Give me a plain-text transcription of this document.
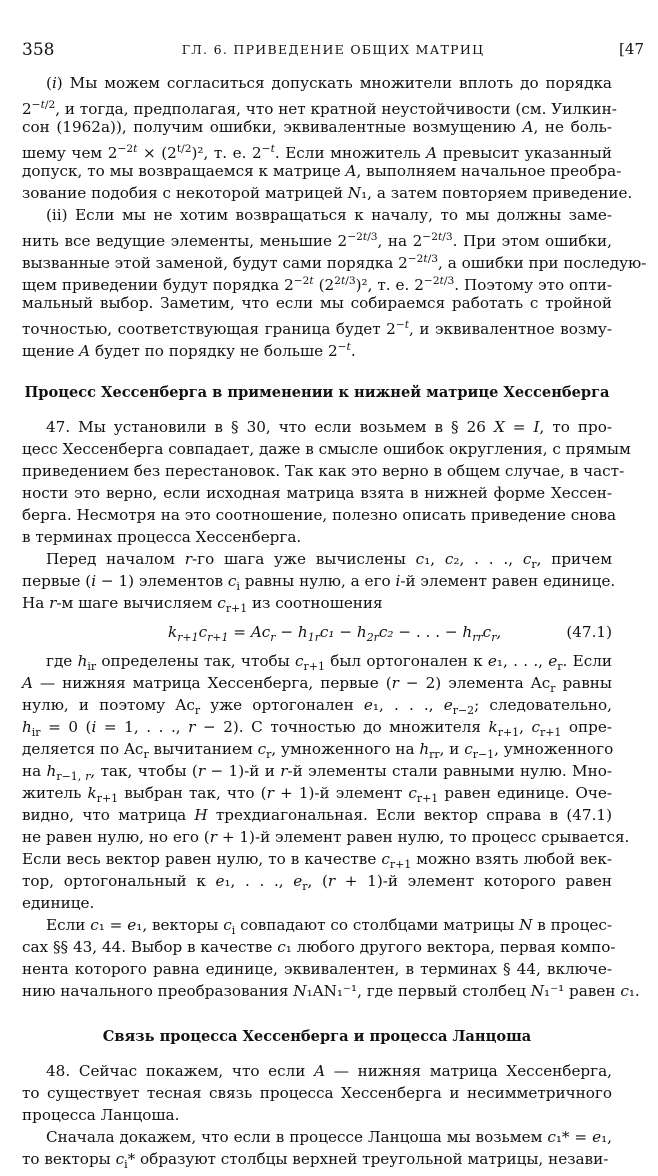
358	ГЛ. 6. ПРИВЕДЕНИЕ ОБЩИХ МАТРИЦ	[47
(i) Мы можем согласиться допускать множители вплоть до порядка
$2^{-t/2}$, и тогда, предполагая, что нет кратной неустойчивости (см. Уилкин-
сон (1962а)), получим ошибки, эквивалентные возмущению A, не боль-
шему чем $2^{-2t} \times (2^{t/2})^2$, т. е. $2^{-t}$. Если множитель A превысит указанный
допуск, то мы возвращаемся к матрице A, выполняем начальное преобра-
зование подобия с некоторой матрицей N₁, а затем повторяем приведение.
(ii) Если мы не хотим возвращаться к началу, то мы должны заме-
нить все ведущие элементы, меньшие $2^{-2t/3}$, на $2^{-2t/3}$. При этом ошибки,
вызванные этой заменой, будут сами порядка $2^{-2t/3}$, а ошибки при последую-
щем приведении будут порядка $2^{-2t}$ $(2^{2t/3})^2$, т. е. $2^{-2t/3}$. Поэтому это опти-
мальный выбор. Заметим, что если мы собираемся работать с тройной
точностью, соответствующая граница будет $2^{-t}$, и эквивалентное возму-
щение A будет по порядку не больше $2^{-t}$.
Процесс Хессенберга в применении к нижней матрице Хессенберга
47. Мы установили в § 30, что если возьмем в § 26 X = I, то про-
цесс Хессенберга совпадает, даже в смысле ошибок округления, с прямым
приведением без перестановок. Так как это верно в общем случае, в част-
ности это верно, если исходная матрица взята в нижней форме Хессен-
берга. Несмотря на это соотношение, полезно описать приведение снова
в терминах процесса Хессенберга.
Перед началом r-го шага уже вычислены c₁, c₂, . . ., $c_r$, причем
первые (i − 1) элементов $c_i$ равны нулю, а его i-й элемент равен единице.
На r-м шаге вычисляем $c_{r+1}$ из соотношения
$k_{r+1}c_{r+1} = Ac_r - h_{1r}c_1 - h_{2r}c_2$ − . . . − $h_{rr}c_r$,	(47.1)
где $h_{ir}$ определены так, чтобы $c_{r+1}$ был ортогонален к e₁, . . ., $e_r$. Если
A — нижняя матрица Хессенберга, первые (r − 2) элемента $Ac_r$ равны
нулю, и поэтому $Ac_r$ уже ортогонален e₁, . . ., $e_{r-2}$; следовательно,
$h_{ir} = 0$ (i = 1, . . ., r − 2). С точностью до множителя $k_{r+1}$, $c_{r+1}$ опре-
деляется по $Ac_r$ вычитанием $c_r$, умноженного на $h_{rr}$, и $c_{r-1}$, умноженного
на $h_{r-1, r}$, так, чтобы (r − 1)-й и r-й элементы стали равными нулю. Мно-
житель $k_{r+1}$ выбран так, что (r + 1)-й элемент $c_{r+1}$ равен единице. Оче-
видно, что матрица H трехдиагональная. Если вектор справа в (47.1)
не равен нулю, но его (r + 1)-й элемент равен нулю, то процесс срывается.
Если весь вектор равен нулю, то в качестве $c_{r+1}$ можно взять любой век-
тор, ортогональный к e₁, . . ., $e_r$, (r + 1)-й элемент которого равен
единице.
Если c₁ = e₁, векторы $c_i$ совпадают со столбцами матрицы N в процес-
сах §§ 43, 44. Выбор в качестве c₁ любого другого вектора, первая компо-
нента которого равна единице, эквивалентен, в терминах § 44, включе-
нию начального преобразования N₁AN₁⁻¹, где первый столбец N₁⁻¹ равен c₁.
Связь процесса Хессенберга и процесса Ланцоша
48. Сейчас покажем, что если A — нижняя матрица Хессенберга,
то существует тесная связь процесса Хессенберга и несимметричного
процесса Ланцоша.
Сначала докажем, что если в процессе Ланцоша мы возьмем c₁* = e₁,
то векторы $c_i*$ образуют столбцы верхней треугольной матрицы, незави-
